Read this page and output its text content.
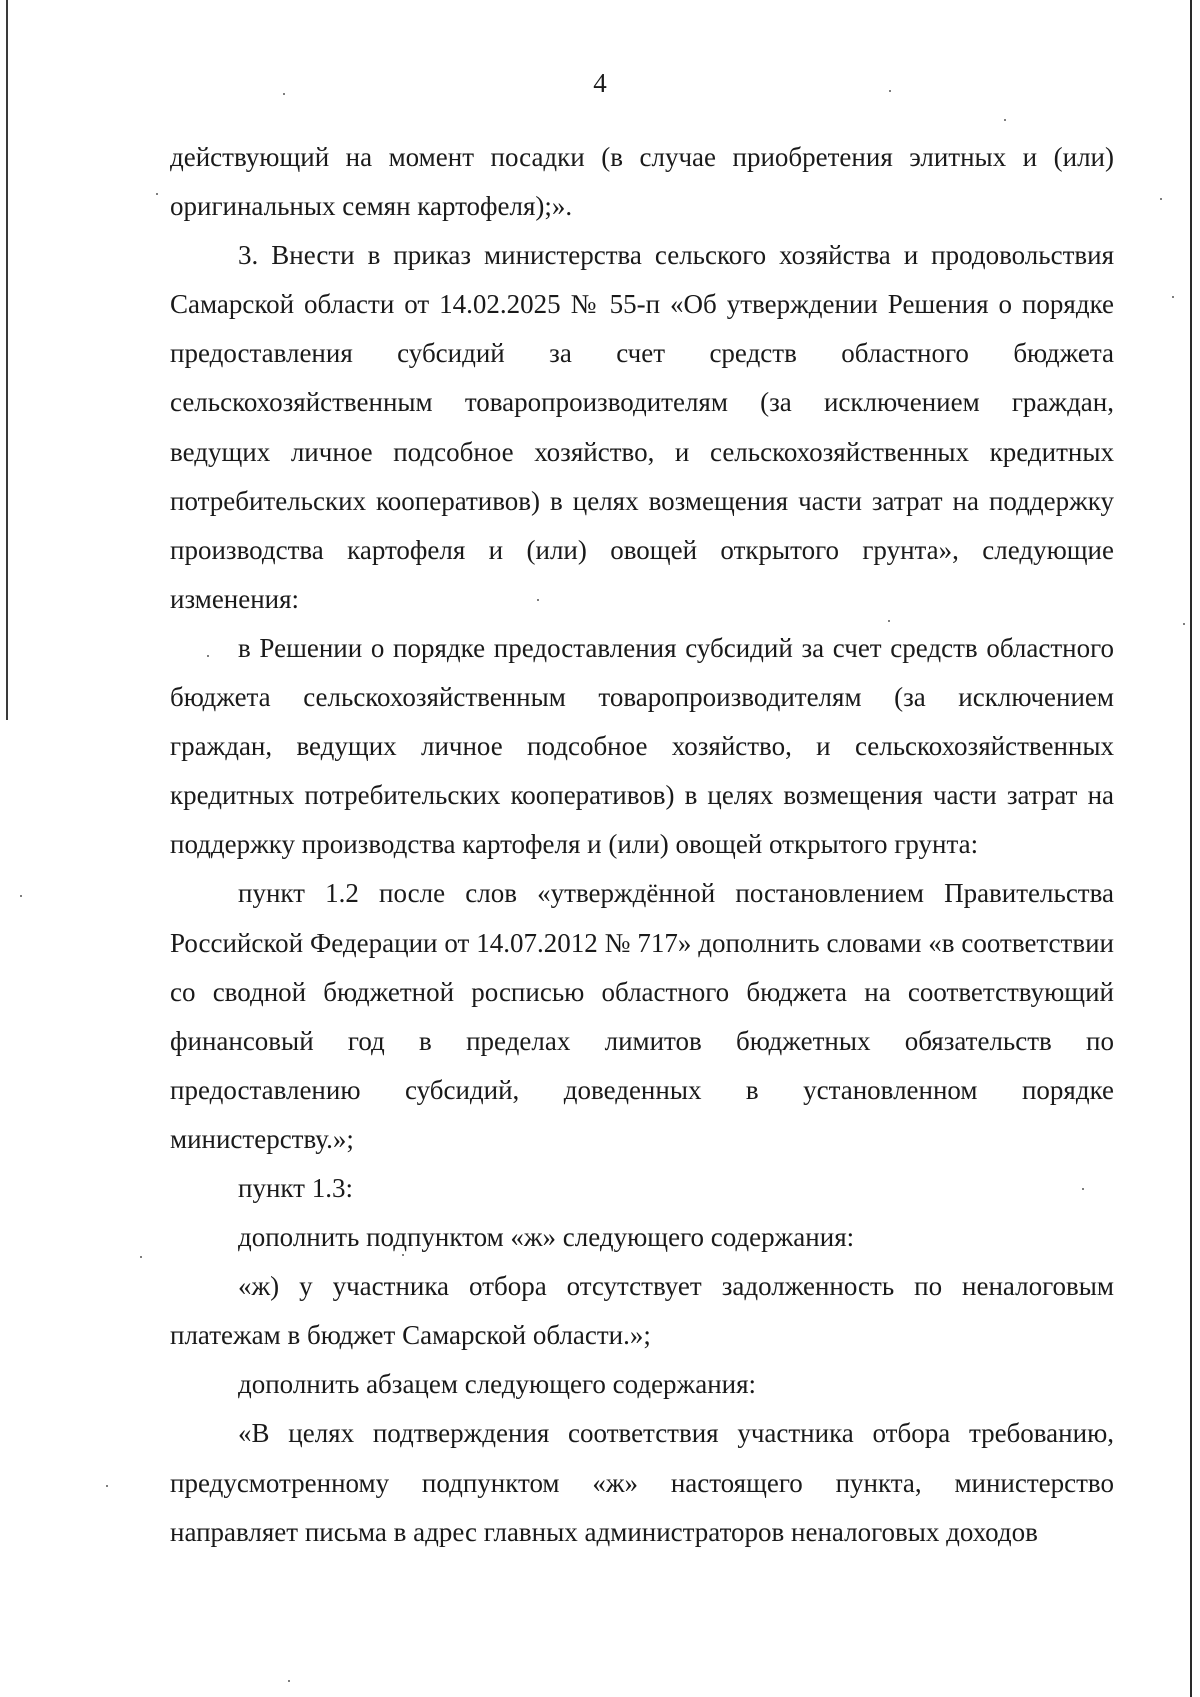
4

действующий на момент посадки (в случае приобретения элитных и (или) оригинальных семян картофеля);».

3. Внести в приказ министерства сельского хозяйства и продовольствия Самарской области от 14.02.2025 № 55-п «Об утверждении Решения о порядке предоставления субсидий за счет средств областного бюджета сельскохозяйственным товаропроизводителям (за исключением граждан, ведущих личное подсобное хозяйство, и сельскохозяйственных кредитных потребительских кооперативов) в целях возмещения части затрат на поддержку производства картофеля и (или) овощей открытого грунта», следующие изменения:

в Решении о порядке предоставления субсидий за счет средств областного бюджета сельскохозяйственным товаропроизводителям (за исключением граждан, ведущих личное подсобное хозяйство, и сельскохозяйственных кредитных потребительских кооперативов) в целях возмещения части затрат на поддержку производства картофеля и (или) овощей открытого грунта:

пункт 1.2 после слов «утверждённой постановлением Правительства Российской Федерации от 14.07.2012 № 717» дополнить словами «в соответствии со сводной бюджетной росписью областного бюджета на соответствующий финансовый год в пределах лимитов бюджетных обязательств по предоставлению субсидий, доведенных в установленном порядке министерству.»;

пункт 1.3:

дополнить подпунктом «ж» следующего содержания:

«ж) у участника отбора отсутствует задолженность по неналоговым платежам в бюджет Самарской области.»;

дополнить абзацем следующего содержания:

«В целях подтверждения соответствия участника отбора требованию, предусмотренному подпунктом «ж» настоящего пункта, министерство направляет письма в адрес главных администраторов неналоговых доходов
